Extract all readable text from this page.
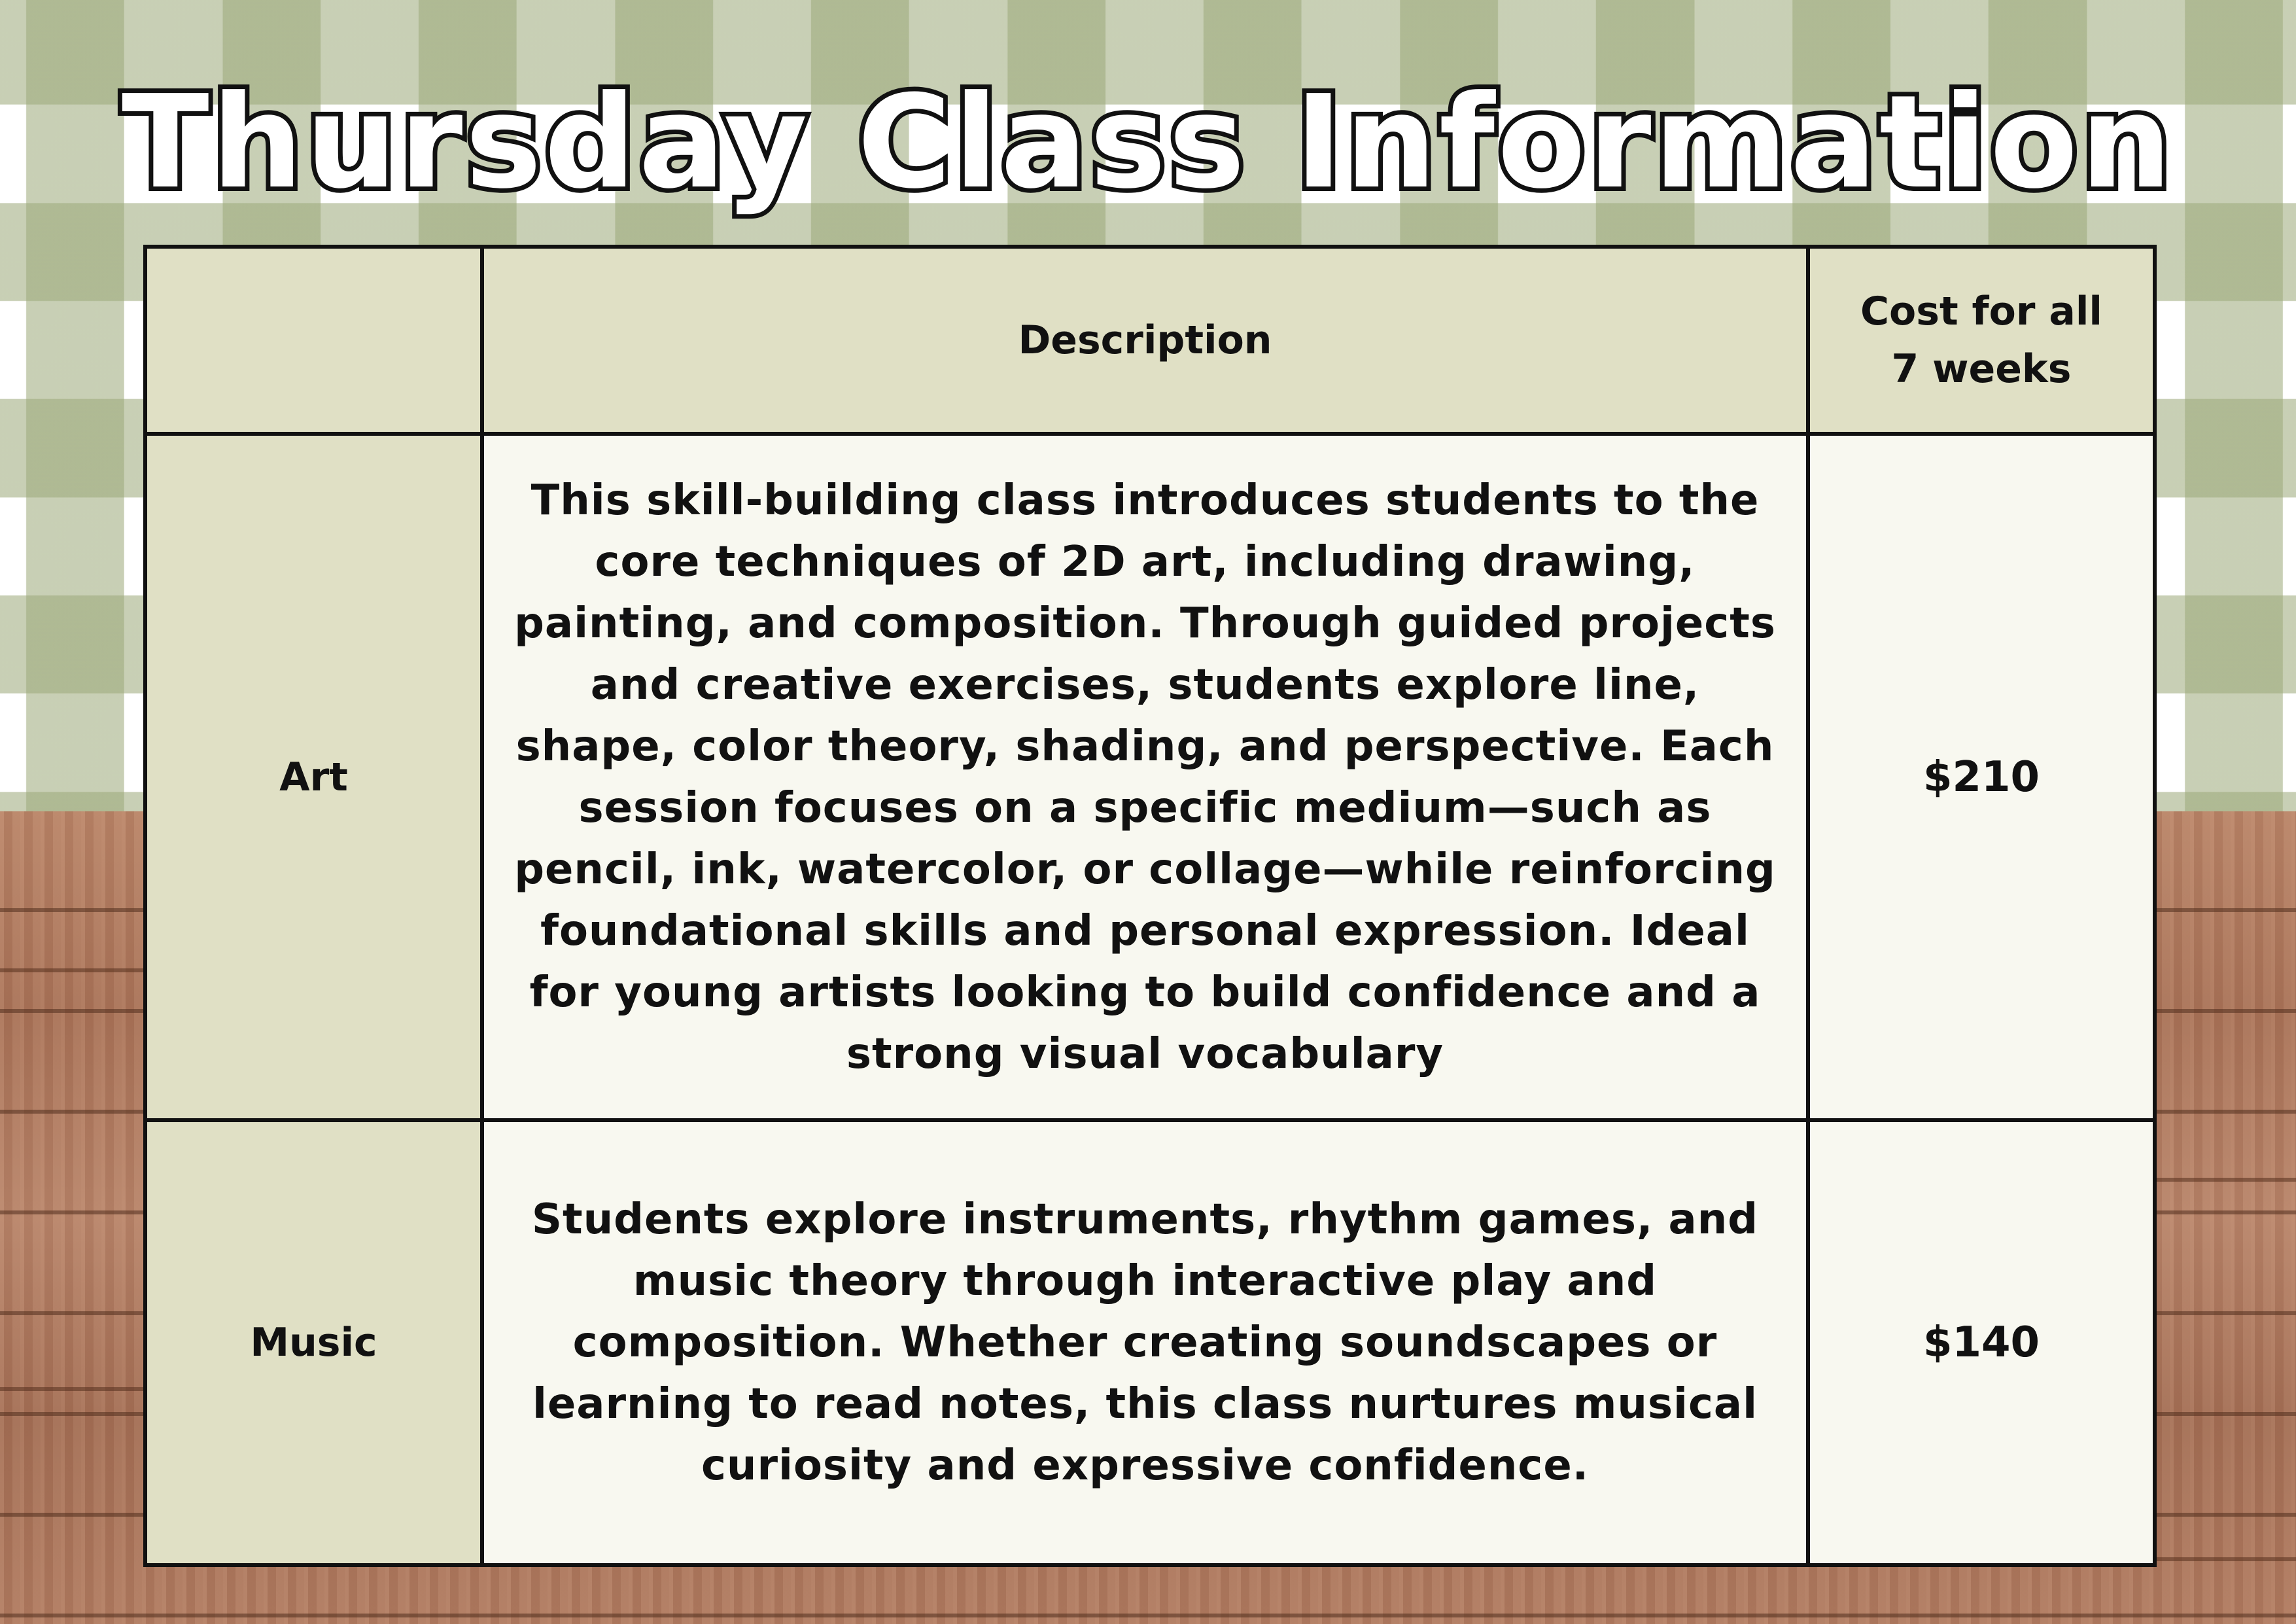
Thursday Class Information
	Description	Cost for all 7 weeks

Art	This skill-building class introduces students to the core techniques of 2D art, including drawing, painting, and composition. Through guided projects and creative exercises, students explore line, shape, color theory, shading, and perspective. Each session focuses on a specific medium—such as pencil, ink, watercolor, or collage—while reinforcing foundational skills and personal expression. Ideal for young artists looking to build confidence and a strong visual vocabulary	$210
Music	Students explore instruments, rhythm games, and music theory through interactive play and composition. Whether creating soundscapes or learning to read notes, this class nurtures musical curiosity and expressive confidence.	$140
